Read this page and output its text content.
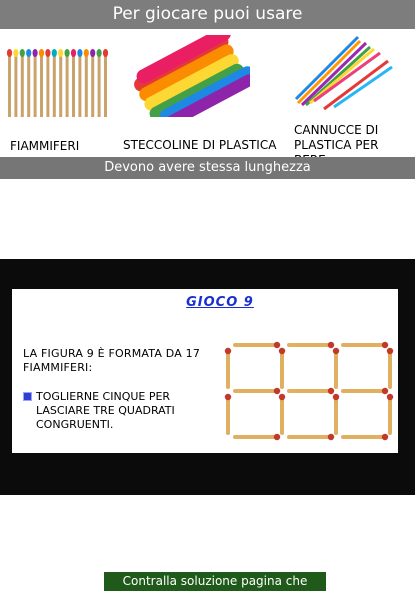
Per giocare puoi usare
FIAMMIFERI	STECCOLINE DI PLASTICA
CANNUCCE DI PLASTICA PER
Devono avere stessa lunghezza
GIOCO 9
LA FIGURA 9 È FORMATA DA 17 FIAMMIFERI:
TOGLIERNE CINQUE PER LASCIARE TRE QUADRATI CONGRUENTI.
Contralla soluzione pagina che segue
